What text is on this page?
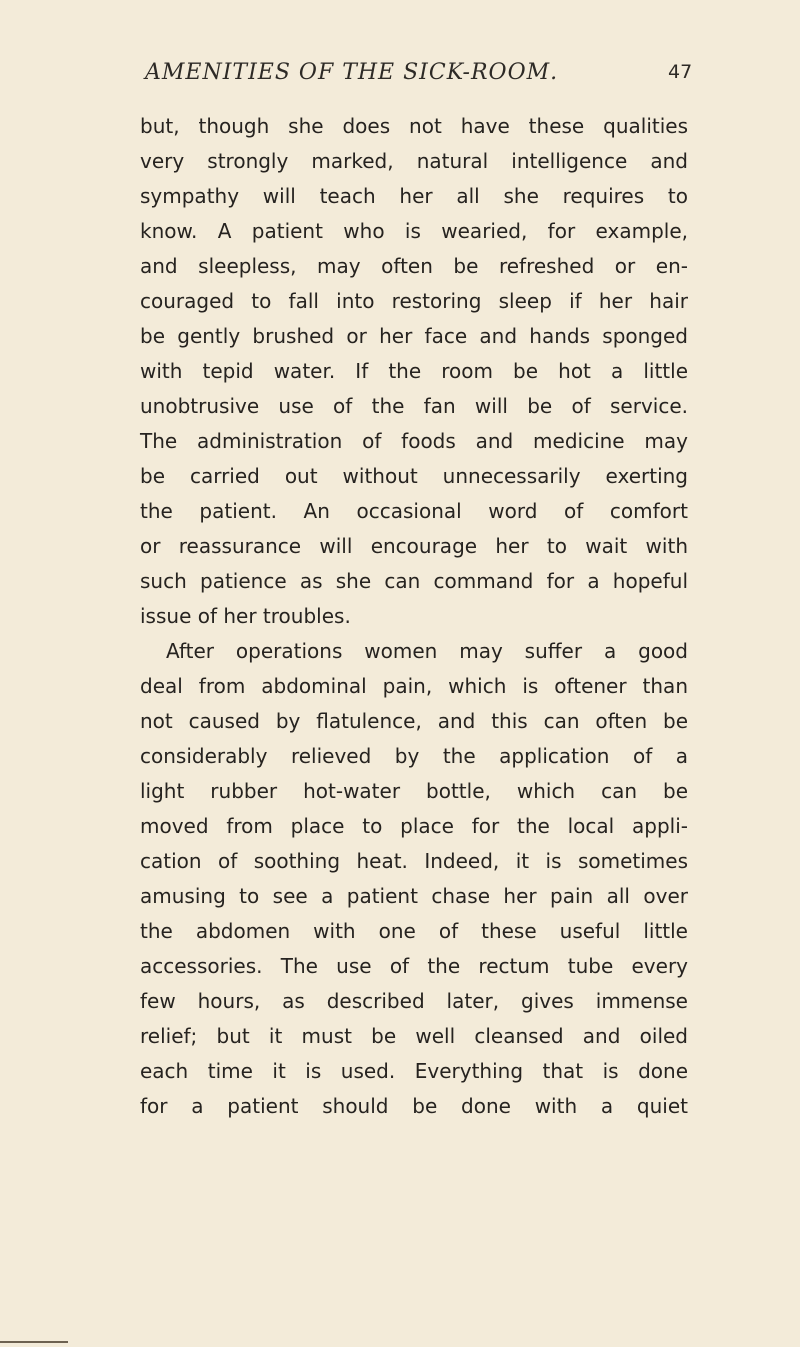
AMENITIES OF THE SICK-ROOM.	47
but, though she does not have these qualities
very strongly marked, natural intelligence and
sympathy will teach her all she requires to
know. A patient who is wearied, for example,
and sleepless, may often be refreshed or en-
couraged to fall into restoring sleep if her hair
be gently brushed or her face and hands sponged
with tepid water. If the room be hot a little
unobtrusive use of the fan will be of service.
The administration of foods and medicine may
be carried out without unnecessarily exerting
the patient. An occasional word of comfort
or reassurance will encourage her to wait with
such patience as she can command for a hopeful
issue of her troubles.
After operations women may suffer a good
deal from abdominal pain, which is oftener than
not caused by flatulence, and this can often be
considerably relieved by the application of a
light rubber hot-water bottle, which can be
moved from place to place for the local appli-
cation of soothing heat. Indeed, it is sometimes
amusing to see a patient chase her pain all over
the abdomen with one of these useful little
accessories. The use of the rectum tube every
few hours, as described later, gives immense
relief; but it must be well cleansed and oiled
each time it is used. Everything that is done
for a patient should be done with a quiet
